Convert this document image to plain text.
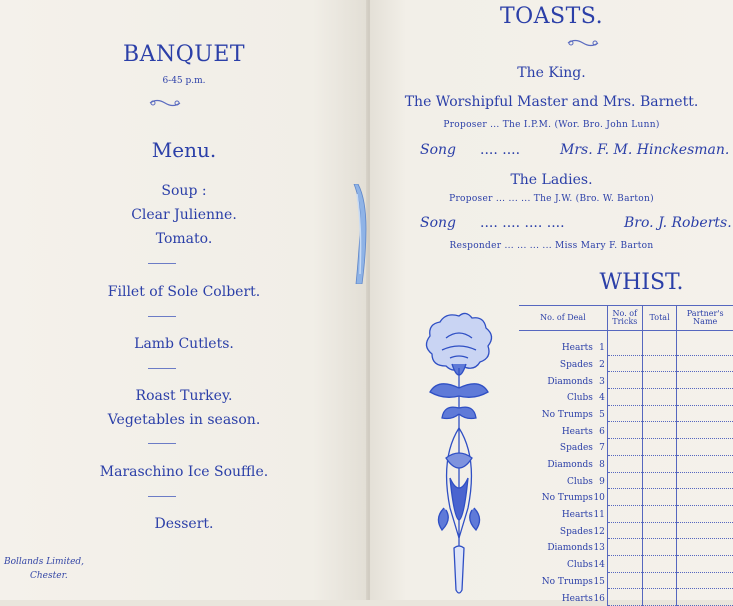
BANQUET
6-45 p.m.
Menu.
Soup :
Clear Julienne.
Tomato.
Fillet of Sole Colbert.
Lamb Cutlets.
Roast Turkey.
Vegetables in season.
Maraschino Ice Souffle.
Dessert.
Bollands Limited,
Chester.
TOASTS.
The King.
The Worshipful Master and Mrs. Barnett.
Proposer ... The I.P.M. (Wor. Bro. John Lunn)
Song .... ....	Mrs. F. M. Hinckesman.
The Ladies.
Proposer ... ... ... The J.W. (Bro. W. Barton)
Song .... .... .... ....	Bro. J. Roberts.
Responder ... ... ... ... Miss Mary F. Barton
WHIST.
No. of Deal	No. of Tricks	Total	Partner's Name

Hearts 1			

Spades 2			

Diamonds 3			

Clubs 4			

No Trumps 5			

Hearts 6			

Spades 7			

Diamonds 8			

Clubs 9			

No Trumps 10			

Hearts 11			

Spades 12			

Diamonds 13			

Clubs 14			

No Trumps 15			

Hearts 16			
